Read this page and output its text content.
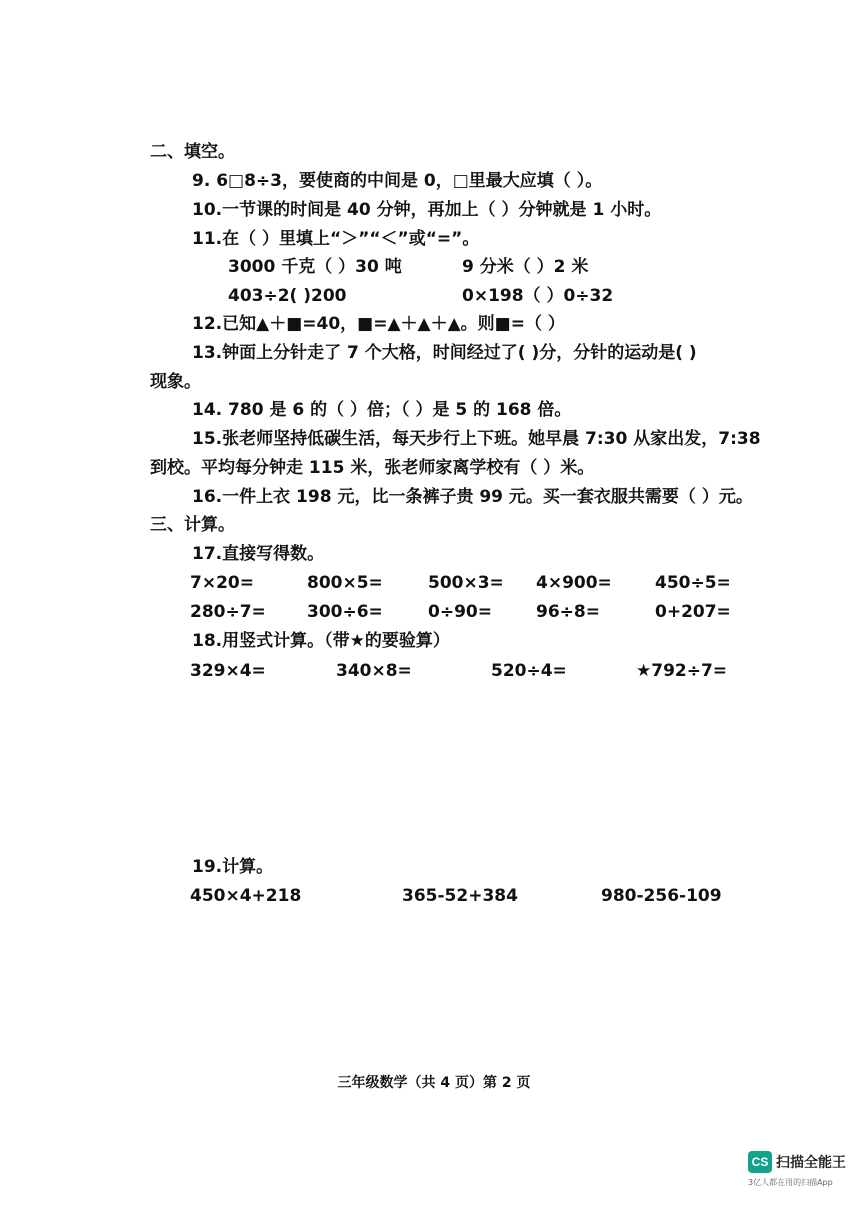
二、填空。
9. 6□8÷3，要使商的中间是 0，□里最大应填（ ）。
10.一节课的时间是 40 分钟，再加上（ ）分钟就是 1 小时。
11.在（ ）里填上“＞”“＜”或“=”。
3000 千克（ ）30 吨	9 分米（ ）2 米
403÷2( )200	0×198（ ）0÷32
12.已知▲＋■=40，■=▲＋▲＋▲。则■=（ ）
13.钟面上分针走了 7 个大格，时间经过了( )分，分针的运动是( )
现象。
14. 780 是 6 的（ ）倍；（ ）是 5 的 168 倍。
15.张老师坚持低碳生活，每天步行上下班。她早晨 7:30 从家出发，7:38
到校。平均每分钟走 115 米，张老师家离学校有（ ）米。
16.一件上衣 198 元，比一条裤子贵 99 元。买一套衣服共需要（ ）元。
三、计算。
17.直接写得数。
7×20=	800×5=	500×3= 4×900=	450÷5=
280÷7= 300÷6=	0÷90=	96÷8=	0+207=
18.用竖式计算。（带★的要验算）
329×4=	340×8=	520÷4=	★792÷7=
19.计算。
450×4+218	365-52+384	980-256-109
三年级数学（共 4 页）第 2 页
CS 扫描全能王
3亿人都在用的扫描App
